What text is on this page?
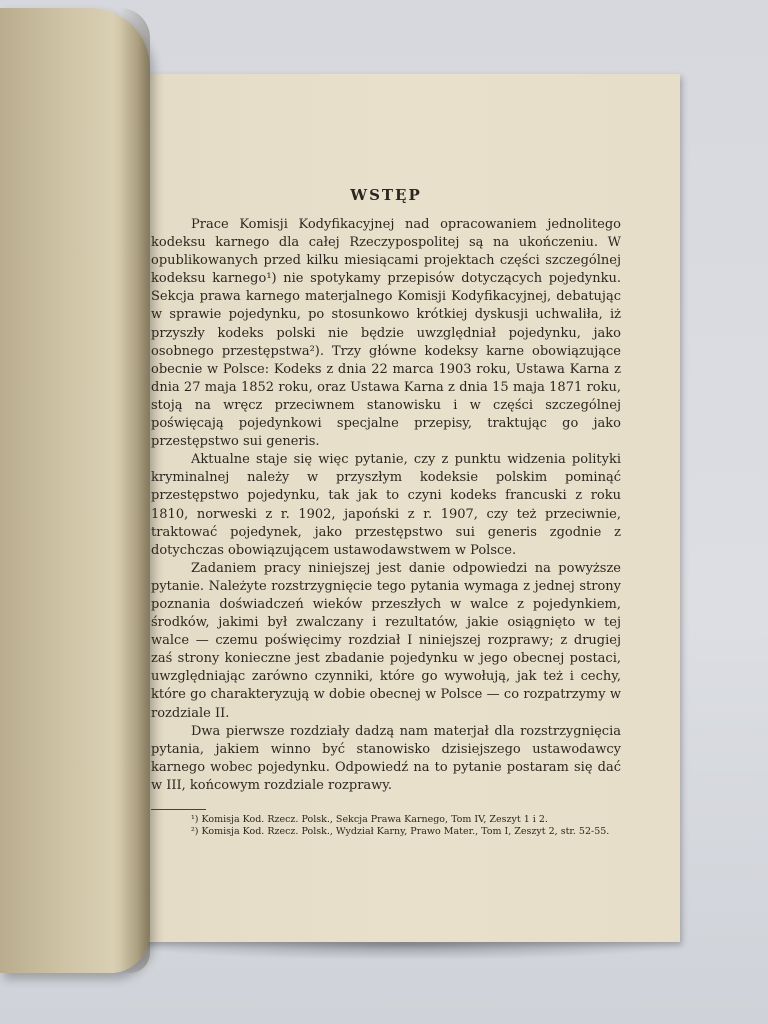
WSTĘP

Prace Komisji Kodyfikacyjnej nad opracowaniem jednolitego kodeksu karnego dla całej Rzeczypospolitej są na ukończeniu. W opublikowanych przed kilku miesiącami projektach części szczególnej kodeksu karnego¹) nie spotykamy przepisów dotyczących pojedynku. Sekcja prawa karnego materjalnego Komisji Kodyfikacyjnej, debatując w sprawie pojedynku, po stosunkowo krótkiej dyskusji uchwaliła, iż przyszły kodeks polski nie będzie uwzględniał pojedynku, jako osobnego przestępstwa²). Trzy główne kodeksy karne obowiązujące obecnie w Polsce: Kodeks z dnia 22 marca 1903 roku, Ustawa Karna z dnia 27 maja 1852 roku, oraz Ustawa Karna z dnia 15 maja 1871 roku, stoją na wręcz przeciwnem stanowisku i w części szczególnej poświęcają pojedynkowi specjalne przepisy, traktując go jako przestępstwo sui generis.

Aktualne staje się więc pytanie, czy z punktu widzenia polityki kryminalnej należy w przyszłym kodeksie polskim pominąć przestępstwo pojedynku, tak jak to czyni kodeks francuski z roku 1810, norweski z r. 1902, japoński z r. 1907, czy też przeciwnie, traktować pojedynek, jako przestępstwo sui generis zgodnie z dotychczas obowiązującem ustawodawstwem w Polsce.

Zadaniem pracy niniejszej jest danie odpowiedzi na powyższe pytanie. Należyte rozstrzygnięcie tego pytania wymaga z jednej strony poznania doświadczeń wieków przeszłych w walce z pojedynkiem, środków, jakimi był zwalczany i rezultatów, jakie osiągnięto w tej walce — czemu poświęcimy rozdział I niniejszej rozprawy; z drugiej zaś strony konieczne jest zbadanie pojedynku w jego obecnej postaci, uwzględniając zarówno czynniki, które go wywołują, jak też i cechy, które go charakteryzują w dobie obecnej w Polsce — co rozpatrzymy w rozdziale II.

Dwa pierwsze rozdziały dadzą nam materjał dla rozstrzygnięcia pytania, jakiem winno być stanowisko dzisiejszego ustawodawcy karnego wobec pojedynku. Odpowiedź na to pytanie postaram się dać w III, końcowym rozdziale rozprawy.

¹) Komisja Kod. Rzecz. Polsk., Sekcja Prawa Karnego, Tom IV, Zeszyt 1 i 2.

²) Komisja Kod. Rzecz. Polsk., Wydział Karny, Prawo Mater., Tom I, Zeszyt 2, str. 52-55.
